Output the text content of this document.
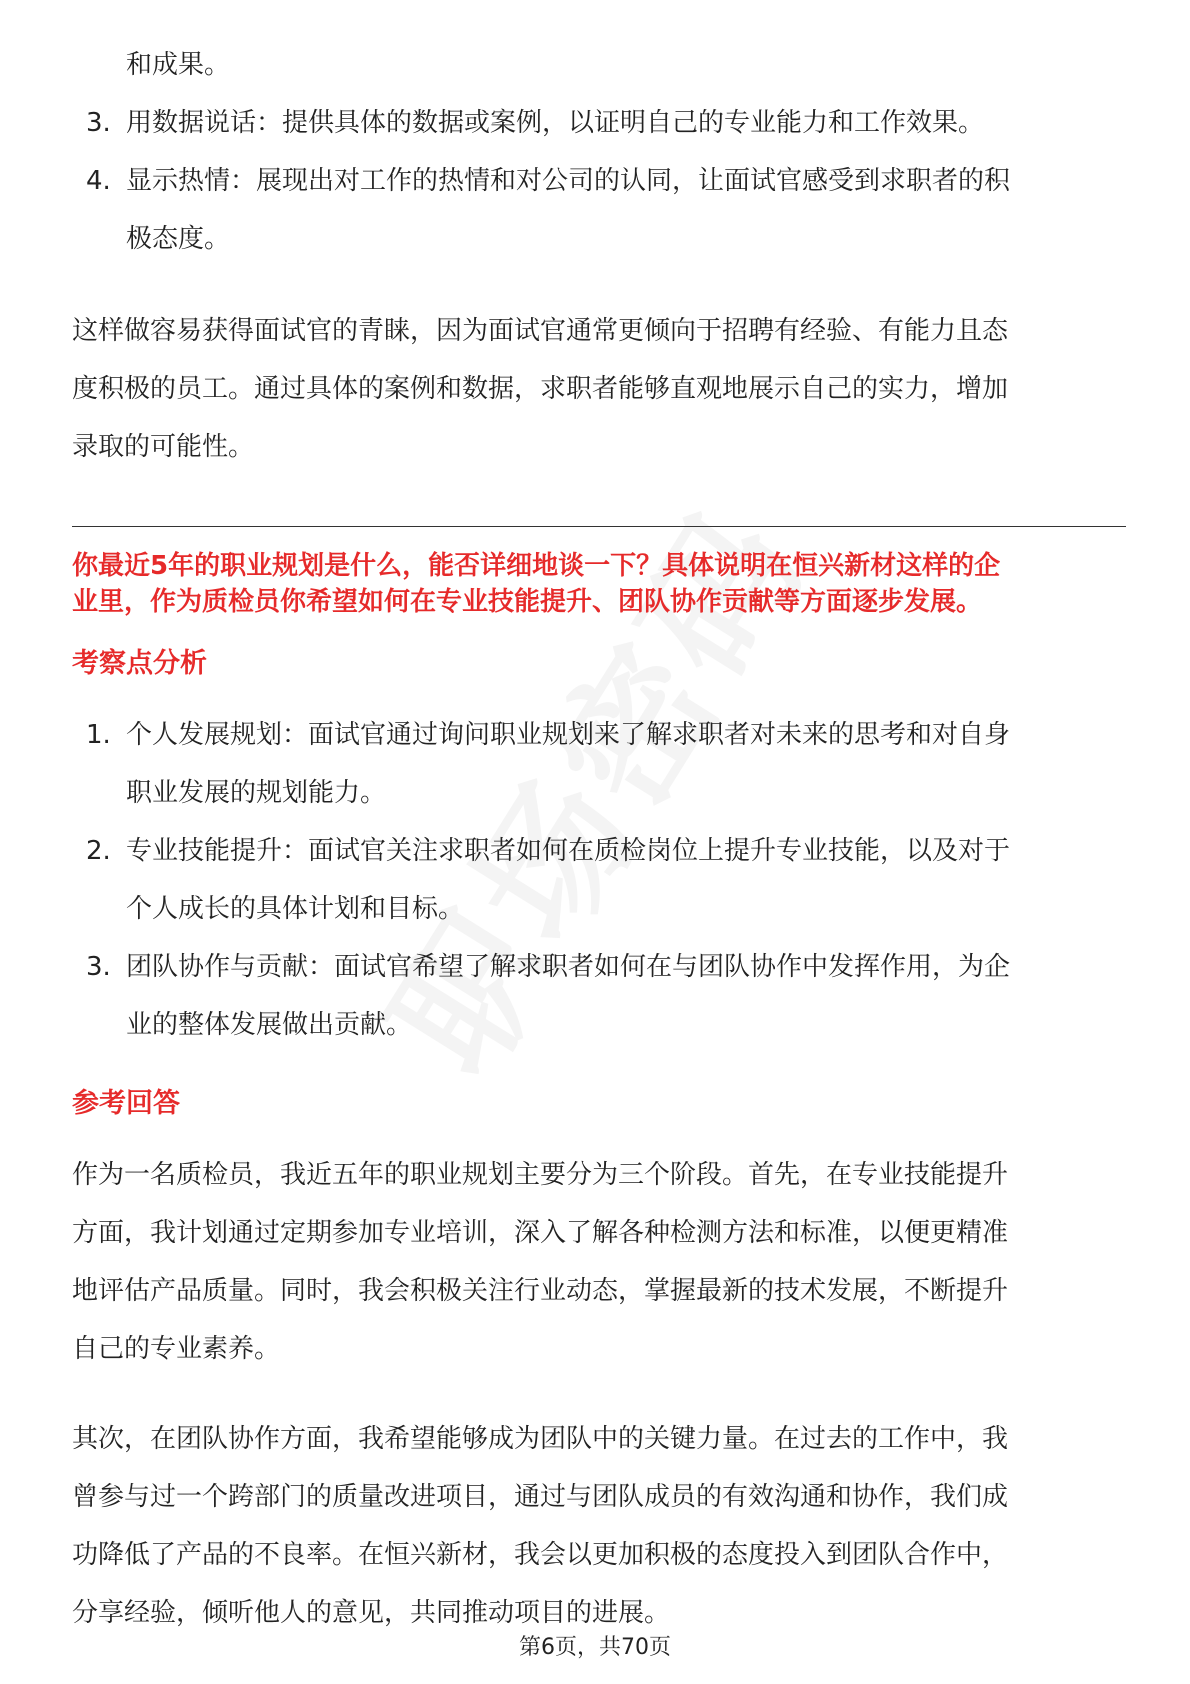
和成果。
3. 用数据说话：提供具体的数据或案例，以证明自己的专业能力和工作效果。
4. 显示热情：展现出对工作的热情和对公司的认同，让面试官感受到求职者的积
极态度。
这样做容易获得面试官的青睐，因为面试官通常更倾向于招聘有经验、有能力且态
度积极的员工。通过具体的案例和数据，求职者能够直观地展示自己的实力，增加
录取的可能性。
你最近5年的职业规划是什么，能否详细地谈一下？具体说明在恒兴新材这样的企
业里，作为质检员你希望如何在专业技能提升、团队协作贡献等方面逐步发展。
考察点分析
1. 个人发展规划：面试官通过询问职业规划来了解求职者对未来的思考和对自身
职业发展的规划能力。
2. 专业技能提升：面试官关注求职者如何在质检岗位上提升专业技能，以及对于
个人成长的具体计划和目标。
3. 团队协作与贡献：面试官希望了解求职者如何在与团队协作中发挥作用，为企
业的整体发展做出贡献。
参考回答
作为一名质检员，我近五年的职业规划主要分为三个阶段。首先，在专业技能提升
方面，我计划通过定期参加专业培训，深入了解各种检测方法和标准，以便更精准
地评估产品质量。同时，我会积极关注行业动态，掌握最新的技术发展，不断提升
自己的专业素养。
其次，在团队协作方面，我希望能够成为团队中的关键力量。在过去的工作中，我
曾参与过一个跨部门的质量改进项目，通过与团队成员的有效沟通和协作，我们成
功降低了产品的不良率。在恒兴新材，我会以更加积极的态度投入到团队合作中，
分享经验，倾听他人的意见，共同推动项目的进展。
第6页，共70页
